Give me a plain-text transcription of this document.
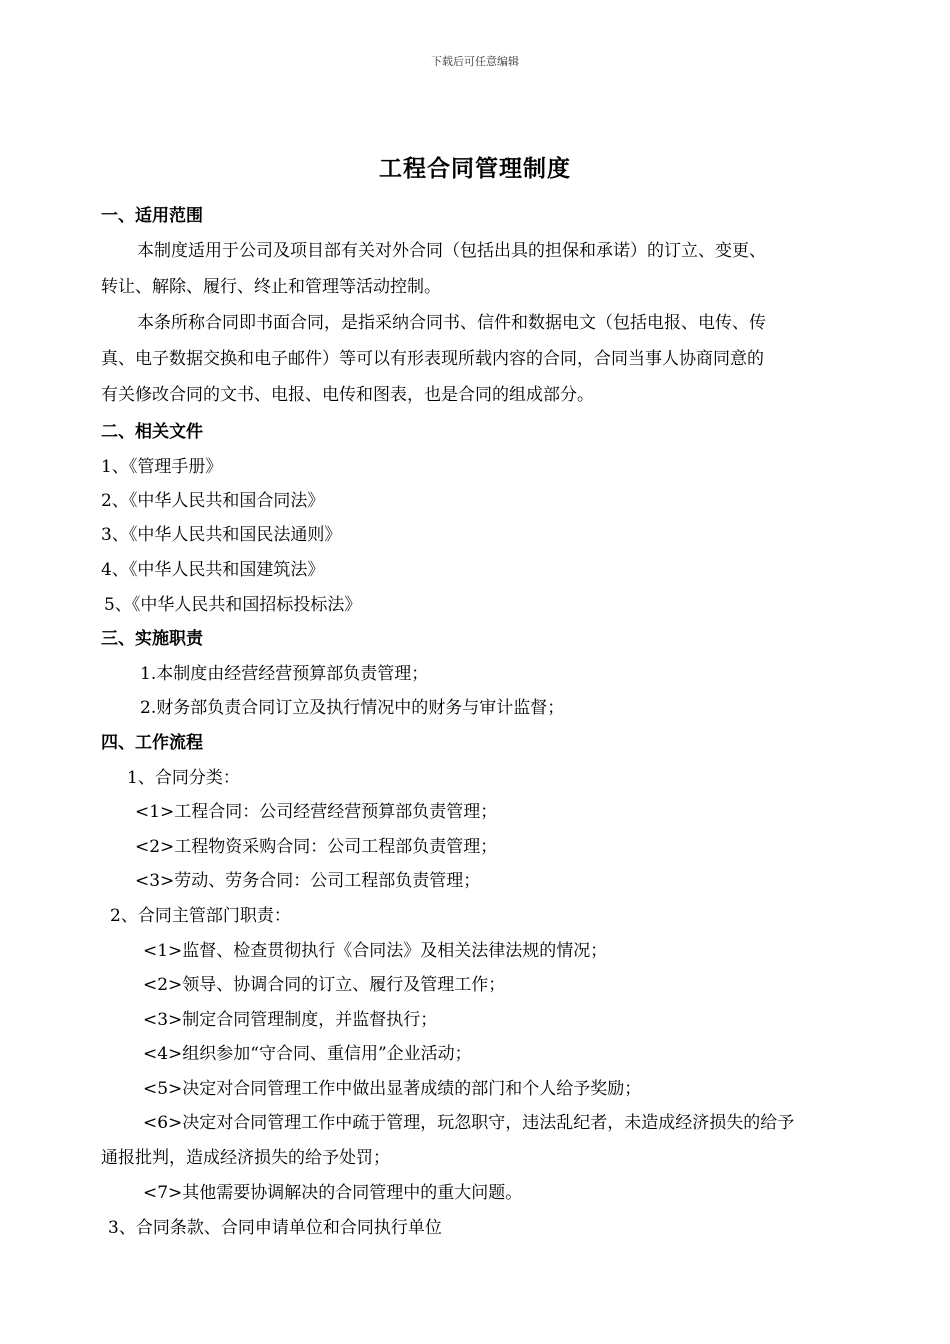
下载后可任意编辑
工程合同管理制度
一、适用范围
本制度适用于公司及项目部有关对外合同（包括出具的担保和承诺）的订立、变更、
转让、解除、履行、终止和管理等活动控制。
本条所称合同即书面合同，是指采纳合同书、信件和数据电文（包括电报、电传、传
真、电子数据交换和电子邮件）等可以有形表现所载内容的合同，合同当事人协商同意的
有关修改合同的文书、电报、电传和图表，也是合同的组成部分。
二、相关文件
1、《管理手册》
2、《中华人民共和国合同法》
3、《中华人民共和国民法通则》
4、《中华人民共和国建筑法》
5、《中华人民共和国招标投标法》
三、实施职责
1.本制度由经营经营预算部负责管理；
2.财务部负责合同订立及执行情况中的财务与审计监督；
四、工作流程
1、合同分类：
<1>工程合同：公司经营经营预算部负责管理；
<2>工程物资采购合同：公司工程部负责管理；
<3>劳动、劳务合同：公司工程部负责管理；
2、合同主管部门职责：
<1>监督、检查贯彻执行《合同法》及相关法律法规的情况；
<2>领导、协调合同的订立、履行及管理工作；
<3>制定合同管理制度，并监督执行；
<4>组织参加“守合同、重信用”企业活动；
<5>决定对合同管理工作中做出显著成绩的部门和个人给予奖励；
<6>决定对合同管理工作中疏于管理，玩忽职守，违法乱纪者，未造成经济损失的给予
通报批判，造成经济损失的给予处罚；
<7>其他需要协调解决的合同管理中的重大问题。
3、合同条款、合同申请单位和合同执行单位
